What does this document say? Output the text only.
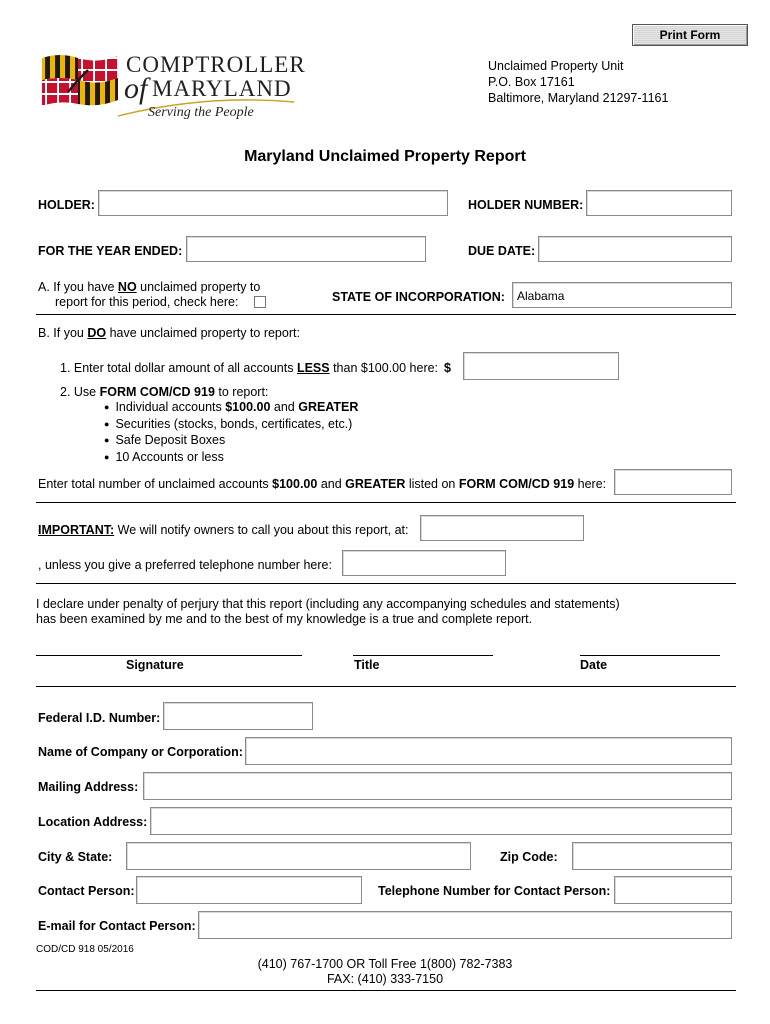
Print Form
COMPTROLLER
of MARYLAND
Serving the People
Unclaimed Property Unit
P.O. Box 17161
Baltimore, Maryland 21297-1161
Maryland Unclaimed Property Report
HOLDER:	HOLDER NUMBER:
FOR THE YEAR ENDED:	DUE DATE:
A. If you have NO unclaimed property to
report for this period, check here:	STATE OF INCORPORATION: Alabama
B. If you DO have unclaimed property to report:
1. Enter total dollar amount of all accounts LESS than $100.00 here: $
2. Use FORM COM/CD 919 to report:
● Individual accounts $100.00 and GREATER
● Securities (stocks, bonds, certificates, etc.)
● Safe Deposit Boxes
● 10 Accounts or less
Enter total number of unclaimed accounts $100.00 and GREATER listed on FORM COM/CD 919 here:
IMPORTANT: We will notify owners to call you about this report, at:
, unless you give a preferred telephone number here:
I declare under penalty of perjury that this report (including any accompanying schedules and statements)
has been examined by me and to the best of my knowledge is a true and complete report.
Signature	Title	Date
Federal I.D. Number:
Name of Company or Corporation:
Mailing Address:
Location Address:
City & State:	Zip Code:
Contact Person:	Telephone Number for Contact Person:
E-mail for Contact Person:
COD/CD 918 05/2016
(410) 767-1700 OR Toll Free 1(800) 782-7383
FAX: (410) 333-7150
